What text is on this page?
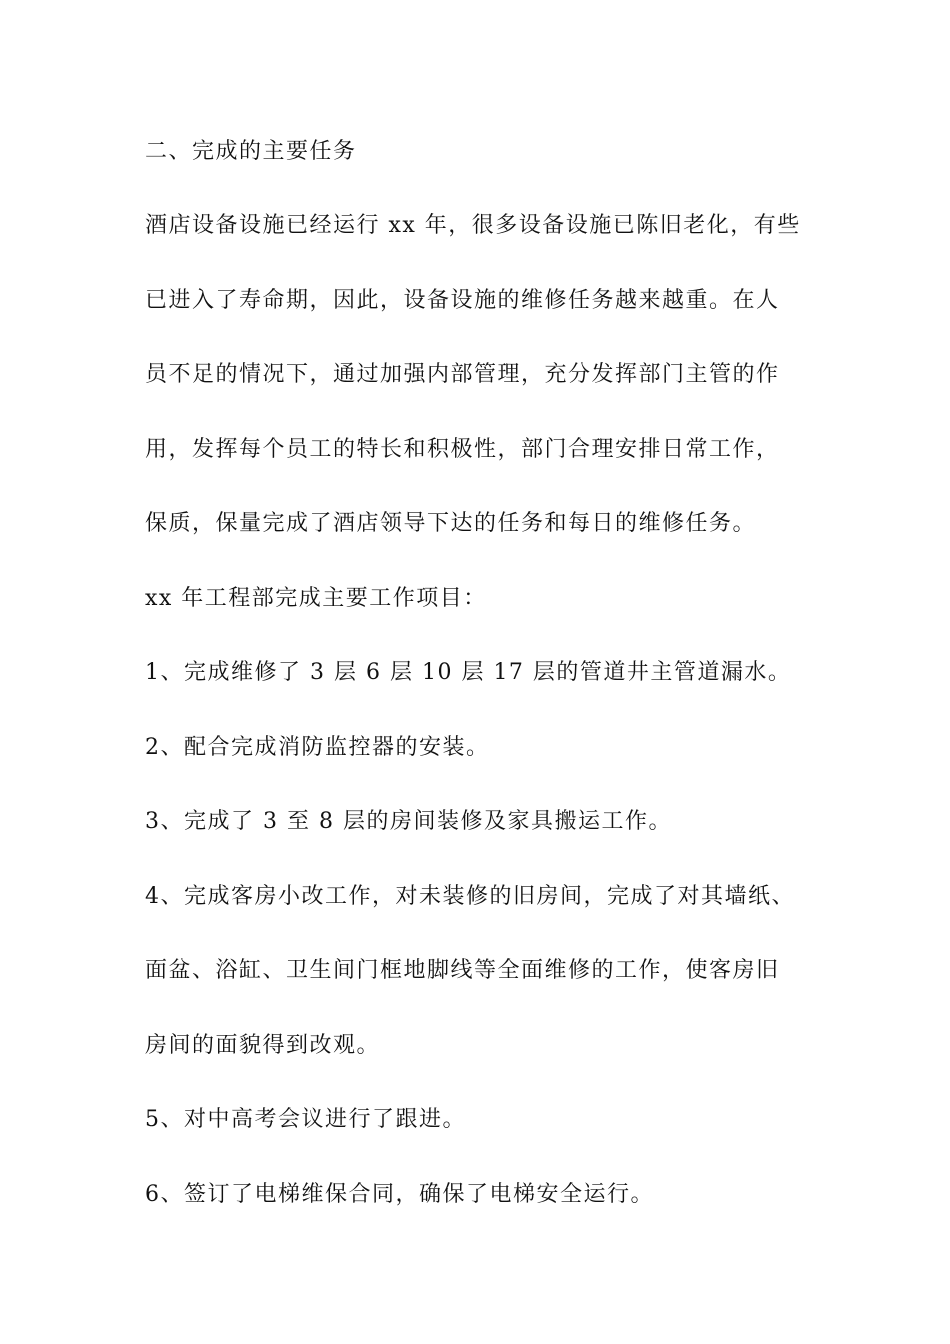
二、完成的主要任务
酒店设备设施已经运行 xx 年，很多设备设施已陈旧老化，有些
已进入了寿命期，因此，设备设施的维修任务越来越重。在人
员不足的情况下，通过加强内部管理，充分发挥部门主管的作
用，发挥每个员工的特长和积极性，部门合理安排日常工作，
保质，保量完成了酒店领导下达的任务和每日的维修任务。
xx 年工程部完成主要工作项目：
1、完成维修了 3 层 6 层 10 层 17 层的管道井主管道漏水。
2、配合完成消防监控器的安装。
3、完成了 3 至 8 层的房间装修及家具搬运工作。
4、完成客房小改工作，对未装修的旧房间，完成了对其墙纸、
面盆、浴缸、卫生间门框地脚线等全面维修的工作，使客房旧
房间的面貌得到改观。
5、对中高考会议进行了跟进。
6、签订了电梯维保合同，确保了电梯安全运行。
